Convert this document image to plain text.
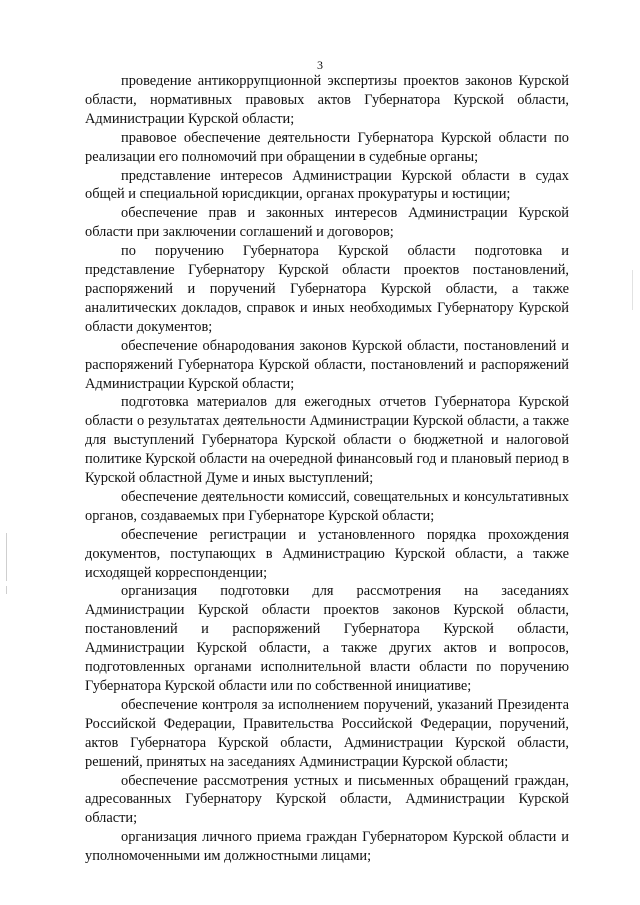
3

проведение антикоррупционной экспертизы проектов законов Курской области, нормативных правовых актов Губернатора Курской области, Администрации Курской области;

правовое обеспечение деятельности Губернатора Курской области по реализации его полномочий при обращении в судебные органы;

представление интересов Администрации Курской области в судах общей и специальной юрисдикции, органах прокуратуры и юстиции;

обеспечение прав и законных интересов Администрации Курской области при заключении соглашений и договоров;

по поручению Губернатора Курской области подготовка и представление Губернатору Курской области проектов постановлений, распоряжений и поручений Губернатора Курской области, а также аналитических докладов, справок и иных необходимых Губернатору Курской области документов;

обеспечение обнародования законов Курской области, постановлений и распоряжений Губернатора Курской области, постановлений и распоряжений Администрации Курской области;

подготовка материалов для ежегодных отчетов Губернатора Курской области о результатах деятельности Администрации Курской области, а также для выступлений Губернатора Курской области о бюджетной и налоговой политике Курской области на очередной финансовый год и плановый период в Курской областной Думе и иных выступлений;

обеспечение деятельности комиссий, совещательных и консультативных органов, создаваемых при Губернаторе Курской области;

обеспечение регистрации и установленного порядка прохождения документов, поступающих в Администрацию Курской области, а также исходящей корреспонденции;

организация подготовки для рассмотрения на заседаниях Администрации Курской области проектов законов Курской области, постановлений и распоряжений Губернатора Курской области, Администрации Курской области, а также других актов и вопросов, подготовленных органами исполнительной власти области по поручению Губернатора Курской области или по собственной инициативе;

обеспечение контроля за исполнением поручений, указаний Президента Российской Федерации, Правительства Российской Федерации, поручений, актов Губернатора Курской области, Администрации Курской области, решений, принятых на заседаниях Администрации Курской области;

обеспечение рассмотрения устных и письменных обращений граждан, адресованных Губернатору Курской области, Администрации Курской области;

организация личного приема граждан Губернатором Курской области и уполномоченными им должностными лицами;
